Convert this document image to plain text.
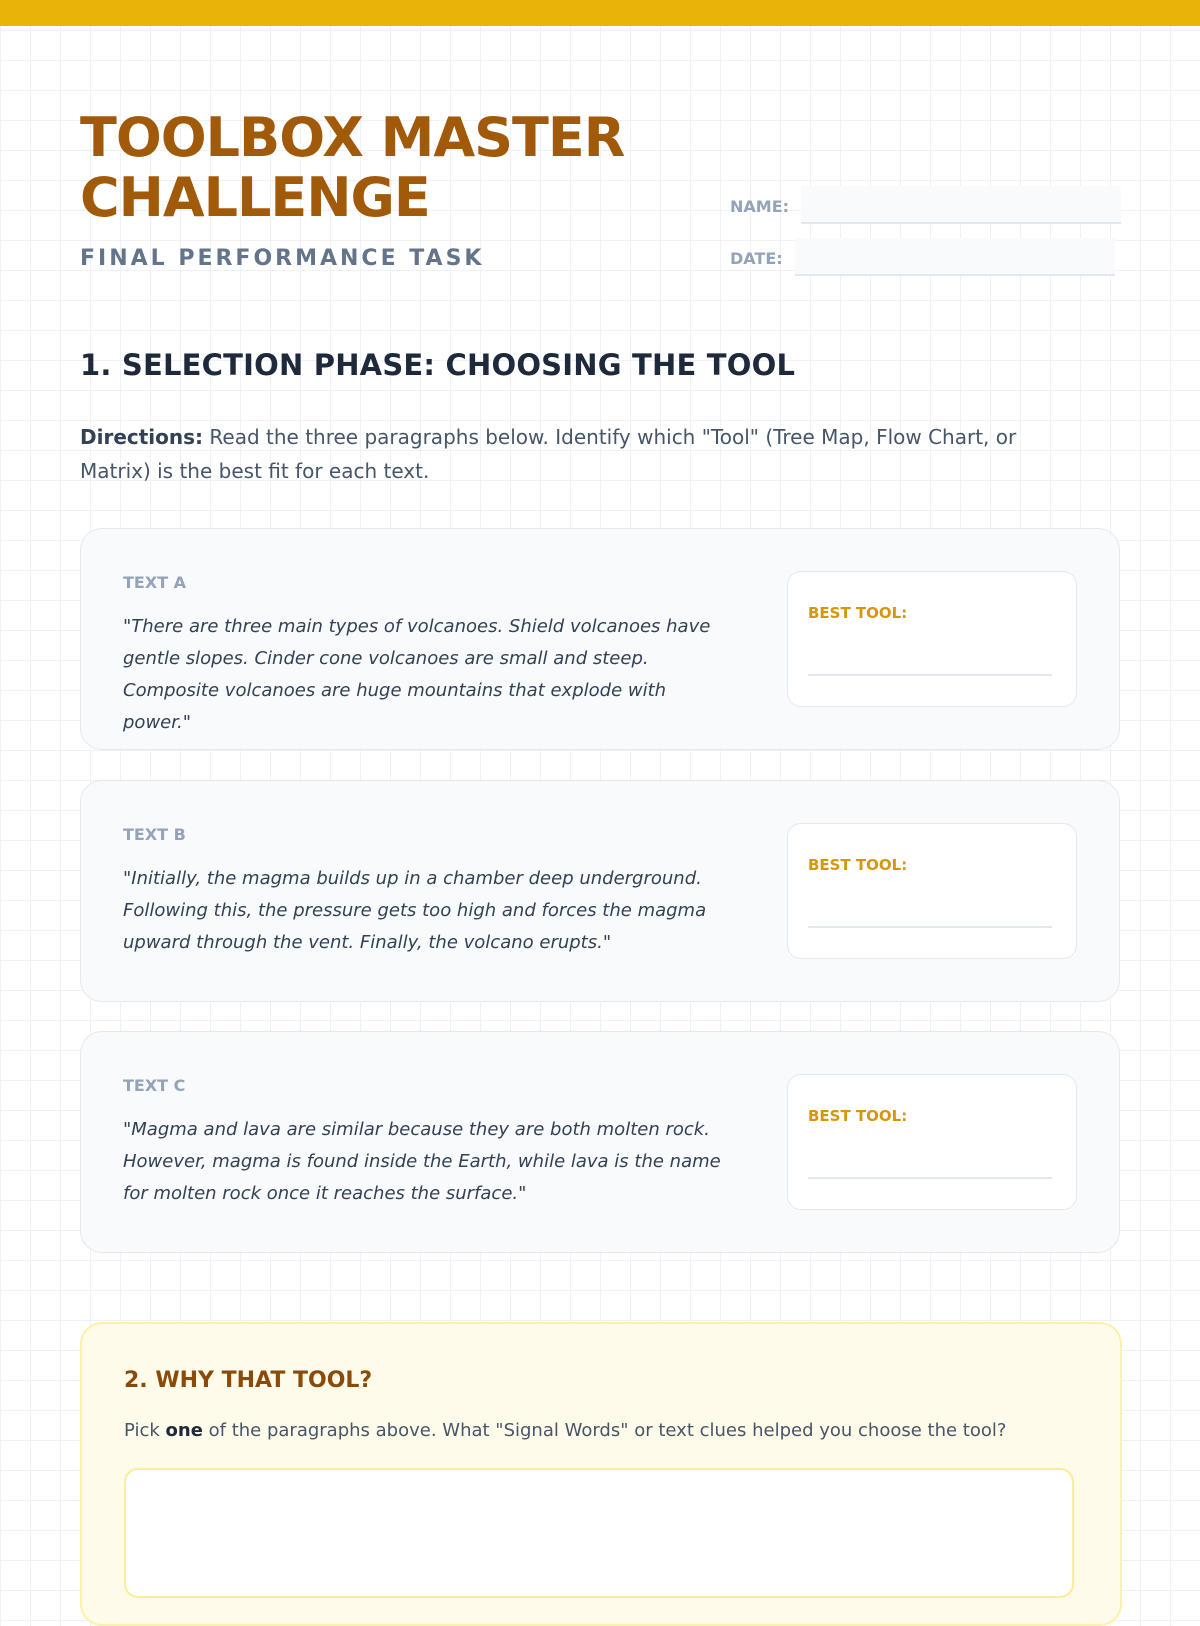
TOOLBOX MASTER CHALLENGE

FINAL PERFORMANCE TASK

NAME:
DATE:
1. SELECTION PHASE: CHOOSING THE TOOL

Directions: Read the three paragraphs below. Identify which "Tool" (Tree Map, Flow Chart, or Matrix) is the best fit for each text.

TEXT A

"There are three main types of volcanoes. Shield volcanoes have gentle slopes. Cinder cone volcanoes are small and steep. Composite volcanoes are huge mountains that explode with power."

BEST TOOL:
TEXT B

"Initially, the magma builds up in a chamber deep underground. Following this, the pressure gets too high and forces the magma upward through the vent. Finally, the volcano erupts."

BEST TOOL:
TEXT C

"Magma and lava are similar because they are both molten rock. However, magma is found inside the Earth, while lava is the name for molten rock once it reaches the surface."

BEST TOOL:
2. WHY THAT TOOL?

Pick one of the paragraphs above. What "Signal Words" or text clues helped you choose the tool?
